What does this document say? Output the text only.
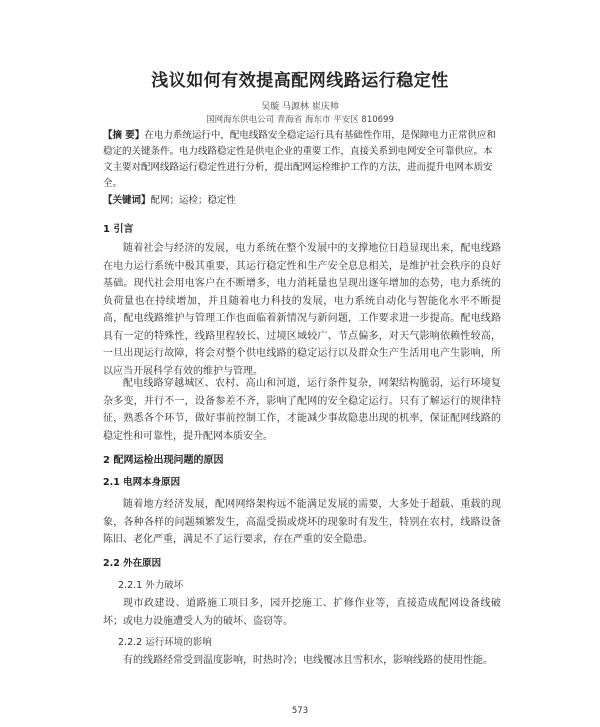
浅议如何有效提高配网线路运行稳定性
吴璇 马源林 崔庆帅
国网海东供电公司 青海省 海东市 平安区 810699
【摘 要】在电力系统运行中，配电线路安全稳定运行具有基础性作用，是保障电力正常供应和稳定的关键条件。电力线路稳定性是供电企业的重要工作，直接关系到电网安全可靠供应。本文主要对配网线路运行稳定性进行分析，提出配网运检维护工作的方法，进而提升电网本质安全。
【关键词】配网；运检；稳定性
1 引言
随着社会与经济的发展，电力系统在整个发展中的支撑地位日趋显现出来，配电线路在电力运行系统中极其重要，其运行稳定性和生产安全息息相关，是维护社会秩序的良好基础。现代社会用电客户在不断增多，电力消耗量也呈现出逐年增加的态势，电力系统的负荷量也在持续增加，并且随着电力科技的发展，电力系统自动化与智能化水平不断提高，配电线路维护与管理工作也面临着新情况与新问题，工作要求进一步提高。配电线路具有一定的特殊性，线路里程较长、过境区域较广、节点偏多，对天气影响依赖性较高，一旦出现运行故障，将会对整个供电线路的稳定运行以及群众生产生活用电产生影响，所以应当开展科学有效的维护与管理。
配电线路穿越城区、农村、高山和河道，运行条件复杂，网架结构脆弱，运行环境复杂多变，并行不一，设备参差不齐，影响了配网的安全稳定运行。只有了解运行的规律特征，熟悉各个环节，做好事前控制工作，才能减少事故隐患出现的机率，保证配网线路的稳定性和可靠性，提升配网本质安全。
2 配网运检出现问题的原因
2.1 电网本身原因
随着地方经济发展，配网网络架构远不能满足发展的需要，大多处于超载、重载的现象，各种各样的问题频繁发生，高温受损或烧坏的现象时有发生，特别在农村，线路设备陈旧、老化严重，满足不了运行要求，存在严重的安全隐患。
2.2 外在原因
2.2.1 外力破坏
现市政建设、道路施工项目多，园开挖施工、扩修作业等，直接造成配网设备线破坏；或电力设施遭受人为的破坏、盗窃等。
2.2.2 运行环境的影响
有的线路经常受到温度影响，时热时冷；电线覆冰且雪积水，影响线路的使用性能。
573
